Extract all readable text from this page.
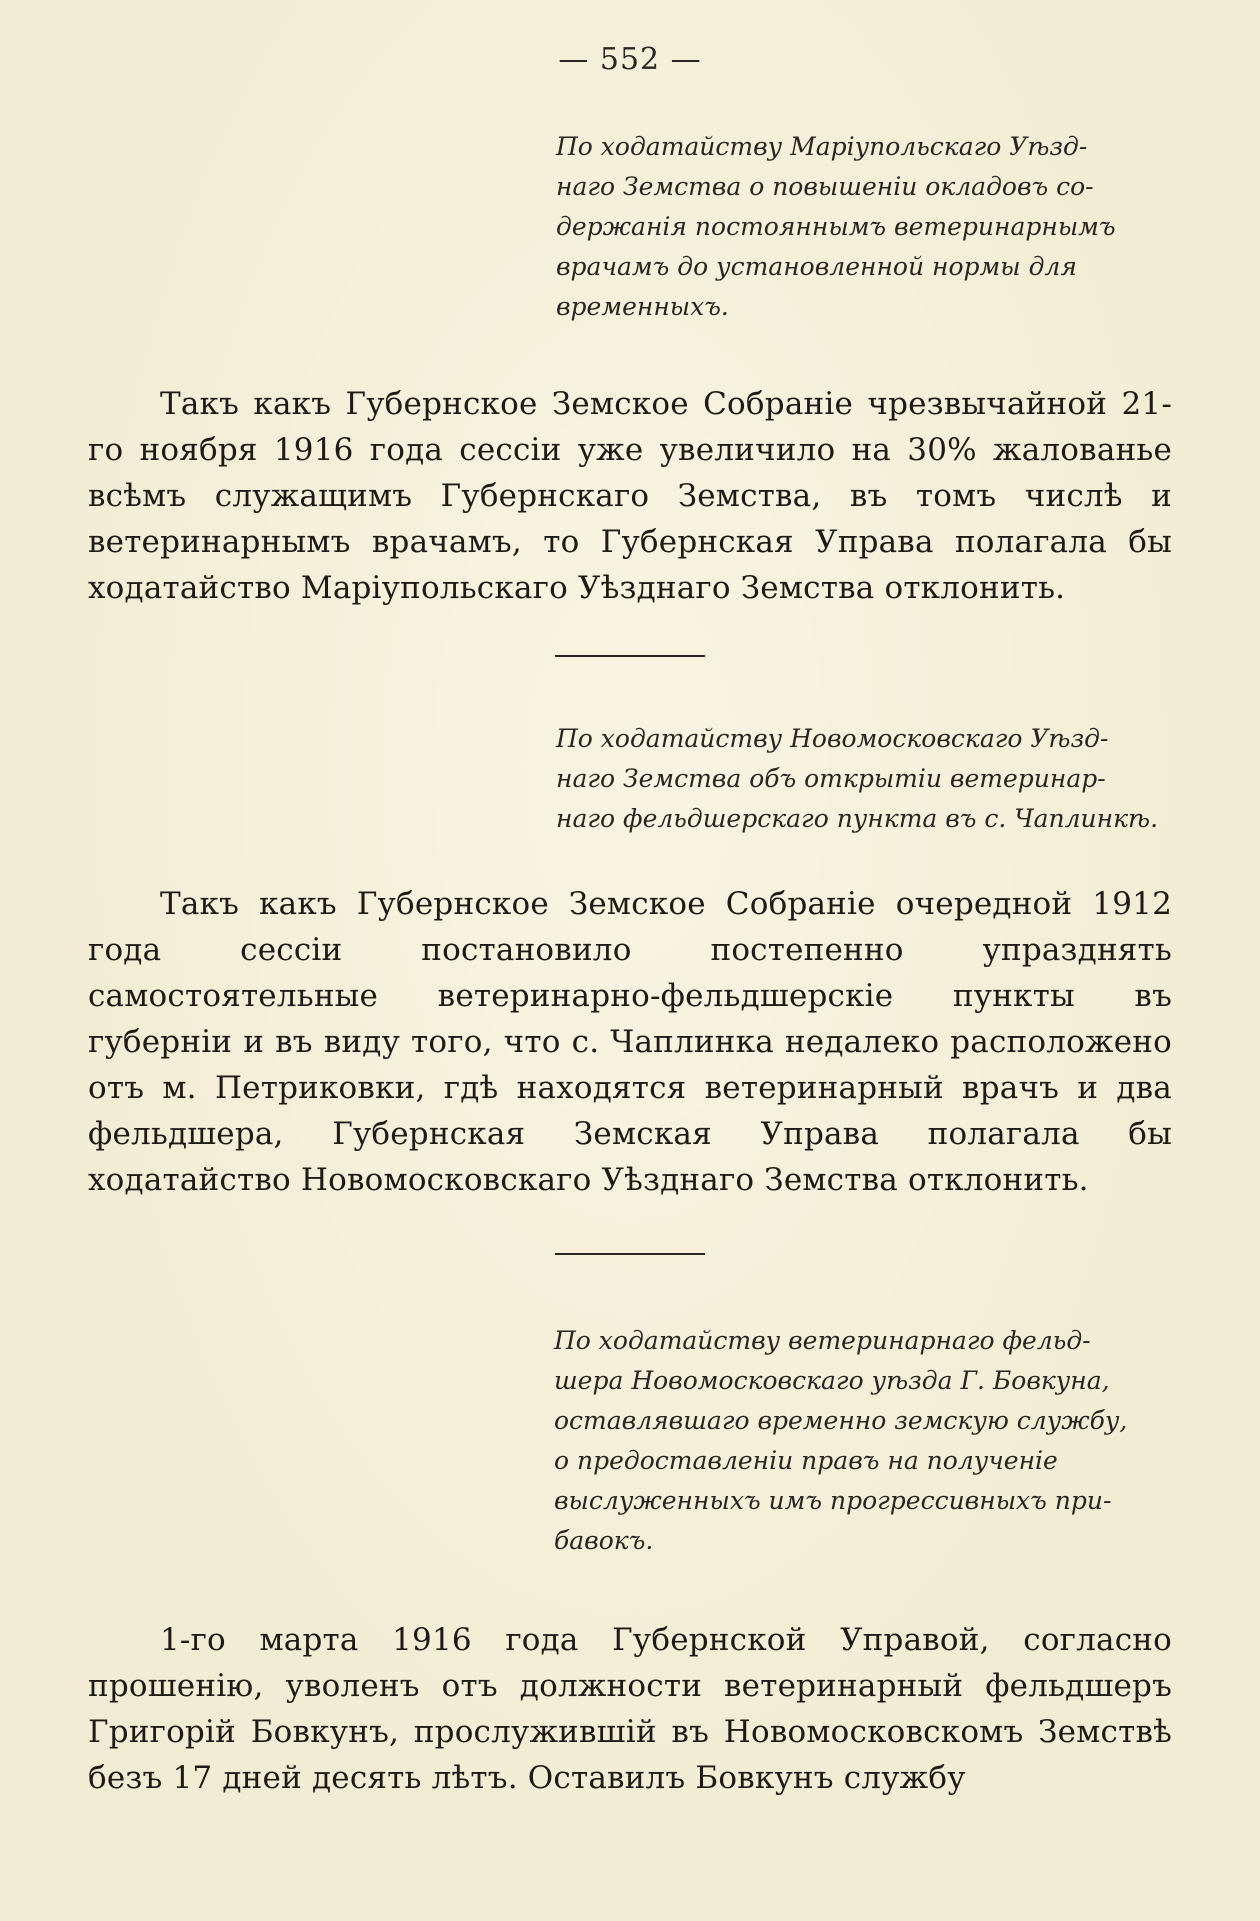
— 552 —

По ходатайству Маріупольскаго Уѣзд-

наго Земства о повышеніи окладовъ со-

держанія постояннымъ ветеринарнымъ

врачамъ до установленной нормы для

временныхъ.

Такъ какъ Губернское Земское Собраніе чрезвычайной 21-го ноября 1916 года сессіи уже увеличило на 30% жалованье всѣмъ служащимъ Губернскаго Земства, въ томъ числѣ и ветеринарнымъ врачамъ, то Губернская Управа полагала бы ходатайство Маріупольскаго Уѣзднаго Земства отклонить.

По ходатайству Новомосковскаго Уѣзд-

наго Земства объ открытіи ветеринар-

наго фельдшерскаго пункта въ с. Чаплинкѣ.

Такъ какъ Губернское Земское Собраніе очередной 1912 года сессіи постановило постепенно упразднять самостоятельные ветеринарно-фельдшерскіе пункты въ губерніи и въ виду того, что с. Чаплинка недалеко расположено отъ м. Петриковки, гдѣ находятся ветеринарный врачъ и два фельдшера, Губернская Земская Управа полагала бы ходатайство Новомосковскаго Уѣзднаго Земства отклонить.

По ходатайству ветеринарнаго фельд-

шера Новомосковскаго уѣзда Г. Бовкуна,

оставлявшаго временно земскую службу,

о предоставленіи правъ на полученіе

выслуженныхъ имъ прогрессивныхъ при-

бавокъ.

1-го марта 1916 года Губернской Управой, согласно прошенію, уволенъ отъ должности ветеринарный фельдшеръ Григорій Бовкунъ, прослужившій въ Новомосковскомъ Земствѣ безъ 17 дней десять лѣтъ. Оставилъ Бовкунъ службу
